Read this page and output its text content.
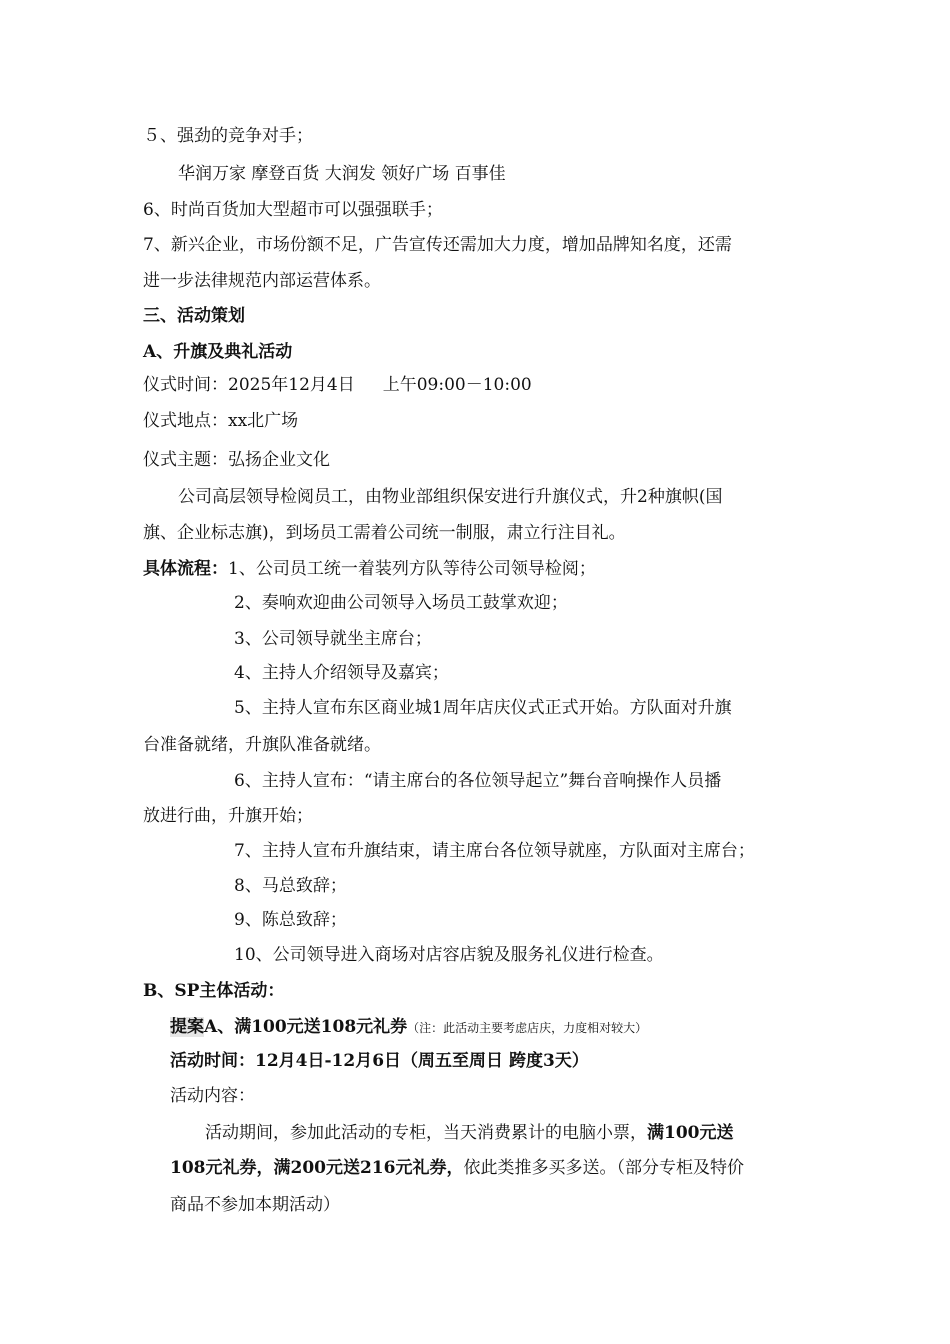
５、强劲的竞争对手；
华润万家 摩登百货 大润发 领好广场 百事佳
6、时尚百货加大型超市可以强强联手；
7、新兴企业，市场份额不足，广告宣传还需加大力度，增加品牌知名度，还需
进一步法律规范内部运营体系。
三、活动策划
A、升旗及典礼活动
仪式时间：2025年12月4日 上午09:00－10:00
仪式地点：xx北广场
仪式主题：弘扬企业文化
公司高层领导检阅员工，由物业部组织保安进行升旗仪式，升2种旗帜(国
旗、企业标志旗)，到场员工需着公司统一制服，肃立行注目礼。
具体流程：1、公司员工统一着装列方队等待公司领导检阅；
2、奏响欢迎曲公司领导入场员工鼓掌欢迎；
3、公司领导就坐主席台；
4、主持人介绍领导及嘉宾；
5、主持人宣布东区商业城1周年店庆仪式正式开始。方队面对升旗
台准备就绪，升旗队准备就绪。
6、主持人宣布：“请主席台的各位领导起立”舞台音响操作人员播
放进行曲，升旗开始；
7、主持人宣布升旗结束，请主席台各位领导就座，方队面对主席台；
8、马总致辞；
9、陈总致辞；
10、公司领导进入商场对店容店貌及服务礼仪进行检查。
B、SP主体活动：
提案A、满100元送108元礼券（注：此活动主要考虑店庆，力度相对较大）
活动时间：12月4日-12月6日（周五至周日 跨度3天）
活动内容：
活动期间，参加此活动的专柜，当天消费累计的电脑小票，满100元送
108元礼券，满200元送216元礼券，依此类推多买多送。（部分专柜及特价
商品不参加本期活动）
